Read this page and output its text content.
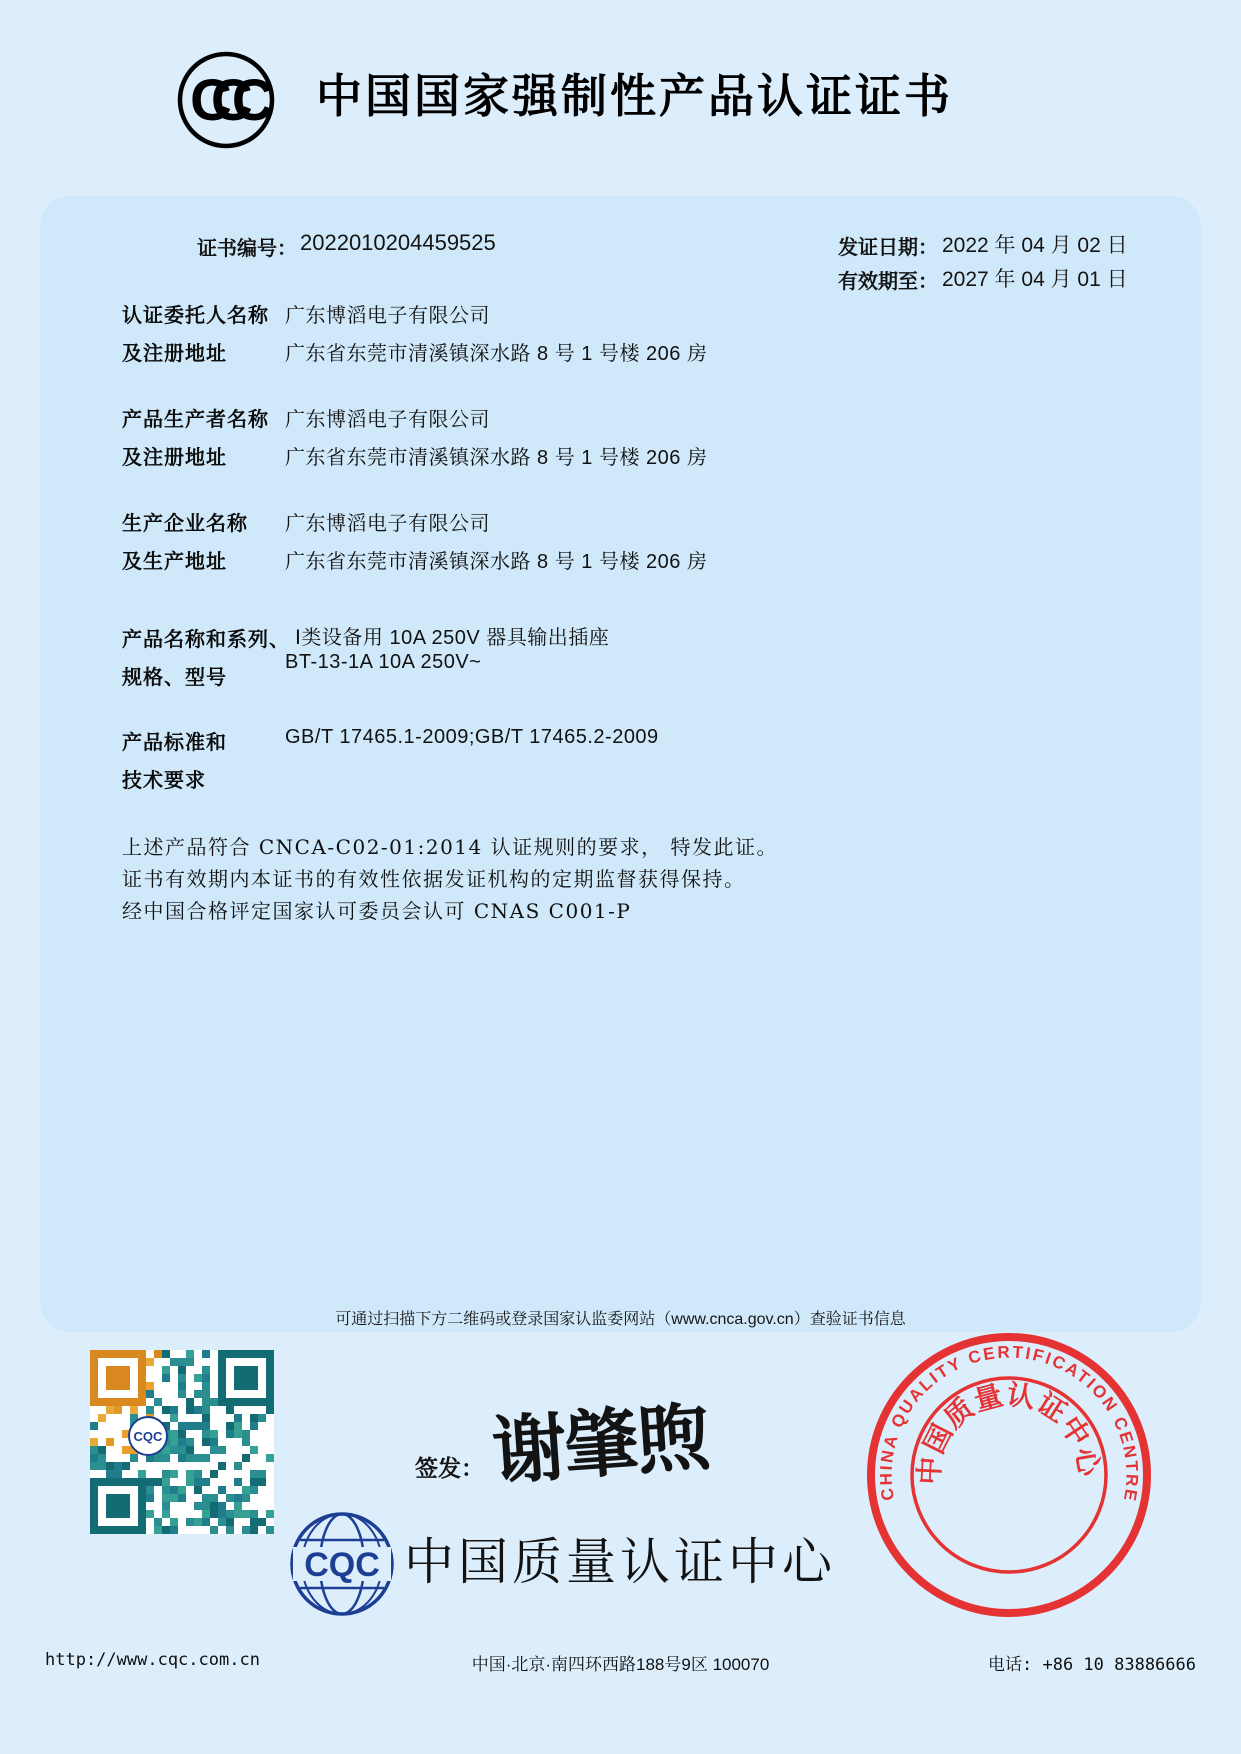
CCC	中国国家强制性产品认证证书
证书编号： 2022010204459525	发证日期： 2022 年 04 月 02 日
有效期至： 2027 年 04 月 01 日
认证委托人名称 广东博滔电子有限公司
及注册地址	广东省东莞市清溪镇深水路 8 号 1 号楼 206 房
产品生产者名称 广东博滔电子有限公司
及注册地址	广东省东莞市清溪镇深水路 8 号 1 号楼 206 房
生产企业名称 广东博滔电子有限公司
及生产地址	广东省东莞市清溪镇深水路 8 号 1 号楼 206 房
产品名称和系列、 Ⅰ类设备用 10A 250V 器具输出插座
规格、型号
BT-13-1A 10A 250V~
产品标准和	GB/T 17465.1-2009;GB/T 17465.2-2009
技术要求
上述产品符合 CNCA-C02-01:2014 认证规则的要求， 特发此证。
证书有效期内本证书的有效性依据发证机构的定期监督获得保持。
经中国合格评定国家认可委员会认可 CNAS C001-P
可通过扫描下方二维码或登录国家认监委网站（www.cnca.gov.cn）查验证书信息
CQC
签发： 谢肇煦
CQC 中国质量认证中心
CHINA QUALITY CERTIFICATION CENTRE
中国质量认证中心
http://www.cqc.com.cn	中国·北京·南四环西路188号9区 100070	电话: +86 10 83886666
